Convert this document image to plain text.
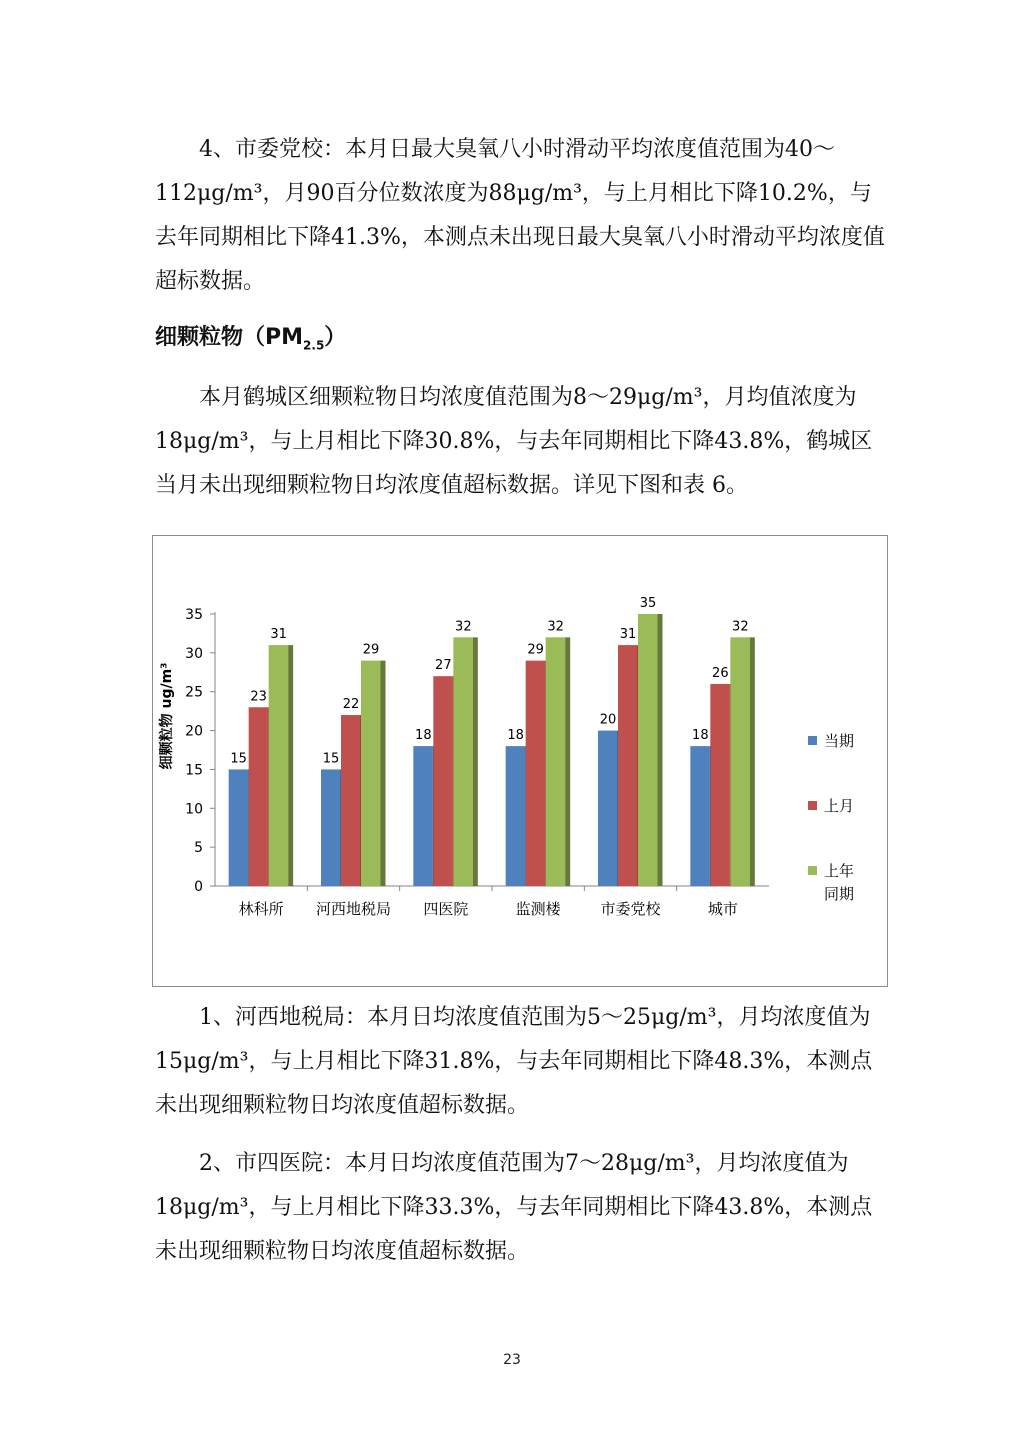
4、市委党校：本月日最大臭氧八小时滑动平均浓度值范围为40～112μg/m³，月90百分位数浓度为88μg/m³，与上月相比下降10.2%，与去年同期相比下降41.3%，本测点未出现日最大臭氧八小时滑动平均浓度值超标数据。

细颗粒物$(PM_{2.5})$

本月鹤城区细颗粒物日均浓度值范围为8～29μg/m³，月均值浓度为18μg/m³，与上月相比下降30.8%，与去年同期相比下降43.8%，鹤城区当月未出现细颗粒物日均浓度值超标数据。详见下图和表 6。

细颗粒物 ug/m³
0
5
10
15
20
25
30
35
林科所
15
23
31
河西地税局
15
22
29
四医院
18
27
32
监测楼
18
29
32
市委党校
20
31
35
城市
18
26
32
当期
上月
上年
同期

1、河西地税局：本月日均浓度值范围为5～25μg/m³，月均浓度值为15μg/m³，与上月相比下降31.8%，与去年同期相比下降48.3%，本测点未出现细颗粒物日均浓度值超标数据。

2、市四医院：本月日均浓度值范围为7～28μg/m³，月均浓度值为18μg/m³，与上月相比下降33.3%，与去年同期相比下降43.8%，本测点未出现细颗粒物日均浓度值超标数据。

23
